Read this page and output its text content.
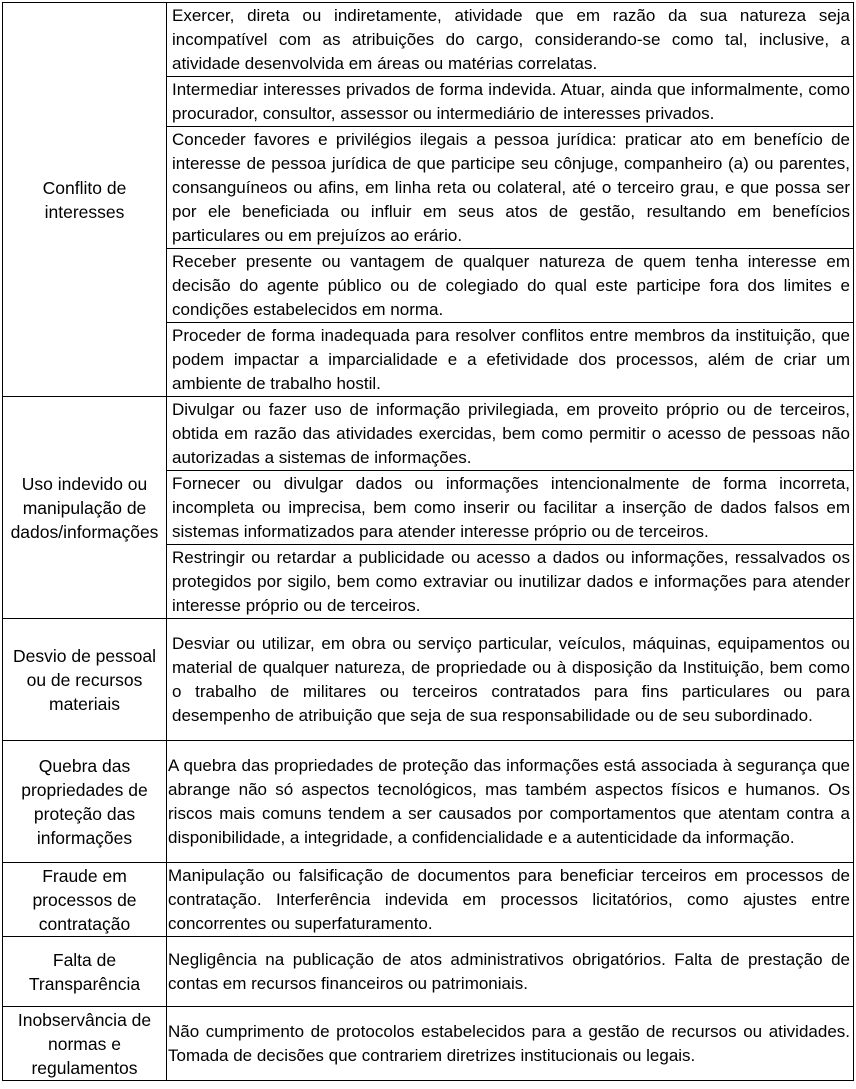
Conflito de interesses	Exercer, direta ou indiretamente, atividade que em razão da sua natureza seja incompatível com as atribuições do cargo, considerando-se como tal, inclusive, a atividade desenvolvida em áreas ou matérias correlatas.

	Intermediar interesses privados de forma indevida. Atuar, ainda que informalmente, como procurador, consultor, assessor ou intermediário de interesses privados.

	Conceder favores e privilégios ilegais a pessoa jurídica: praticar ato em benefício de interesse de pessoa jurídica de que participe seu cônjuge, companheiro (a) ou parentes, consanguíneos ou afins, em linha reta ou colateral, até o terceiro grau, e que possa ser por ele beneficiada ou influir em seus atos de gestão, resultando em benefícios particulares ou em prejuízos ao erário.

	Receber presente ou vantagem de qualquer natureza de quem tenha interesse em decisão do agente público ou de colegiado do qual este participe fora dos limites e condições estabelecidos em norma.

	Proceder de forma inadequada para resolver conflitos entre membros da instituição, que podem impactar a imparcialidade e a efetividade dos processos, além de criar um ambiente de trabalho hostil.

Uso indevido ou manipulação de dados/informações	Divulgar ou fazer uso de informação privilegiada, em proveito próprio ou de terceiros, obtida em razão das atividades exercidas, bem como permitir o acesso de pessoas não autorizadas a sistemas de informações.

	Fornecer ou divulgar dados ou informações intencionalmente de forma incorreta, incompleta ou imprecisa, bem como inserir ou facilitar a inserção de dados falsos em sistemas informatizados para atender interesse próprio ou de terceiros.

	Restringir ou retardar a publicidade ou acesso a dados ou informações, ressalvados os protegidos por sigilo, bem como extraviar ou inutilizar dados e informações para atender interesse próprio ou de terceiros.

Desvio de pessoal ou de recursos materiais	Desviar ou utilizar, em obra ou serviço particular, veículos, máquinas, equipamentos ou material de qualquer natureza, de propriedade ou à disposição da Instituição, bem como o trabalho de militares ou terceiros contratados para fins particulares ou para desempenho de atribuição que seja de sua responsabilidade ou de seu subordinado.

Quebra das propriedades de proteção das informações	A quebra das propriedades de proteção das informações está associada à segurança que abrange não só aspectos tecnológicos, mas também aspectos físicos e humanos. Os riscos mais comuns tendem a ser causados por comportamentos que atentam contra a disponibilidade, a integridade, a confidencialidade e a autenticidade da informação.

Fraude em processos de contratação	Manipulação ou falsificação de documentos para beneficiar terceiros em processos de contratação. Interferência indevida em processos licitatórios, como ajustes entre concorrentes ou superfaturamento.

Falta de Transparência	Negligência na publicação de atos administrativos obrigatórios. Falta de prestação de contas em recursos financeiros ou patrimoniais.

Inobservância de normas e regulamentos	Não cumprimento de protocolos estabelecidos para a gestão de recursos ou atividades. Tomada de decisões que contrariem diretrizes institucionais ou legais.
